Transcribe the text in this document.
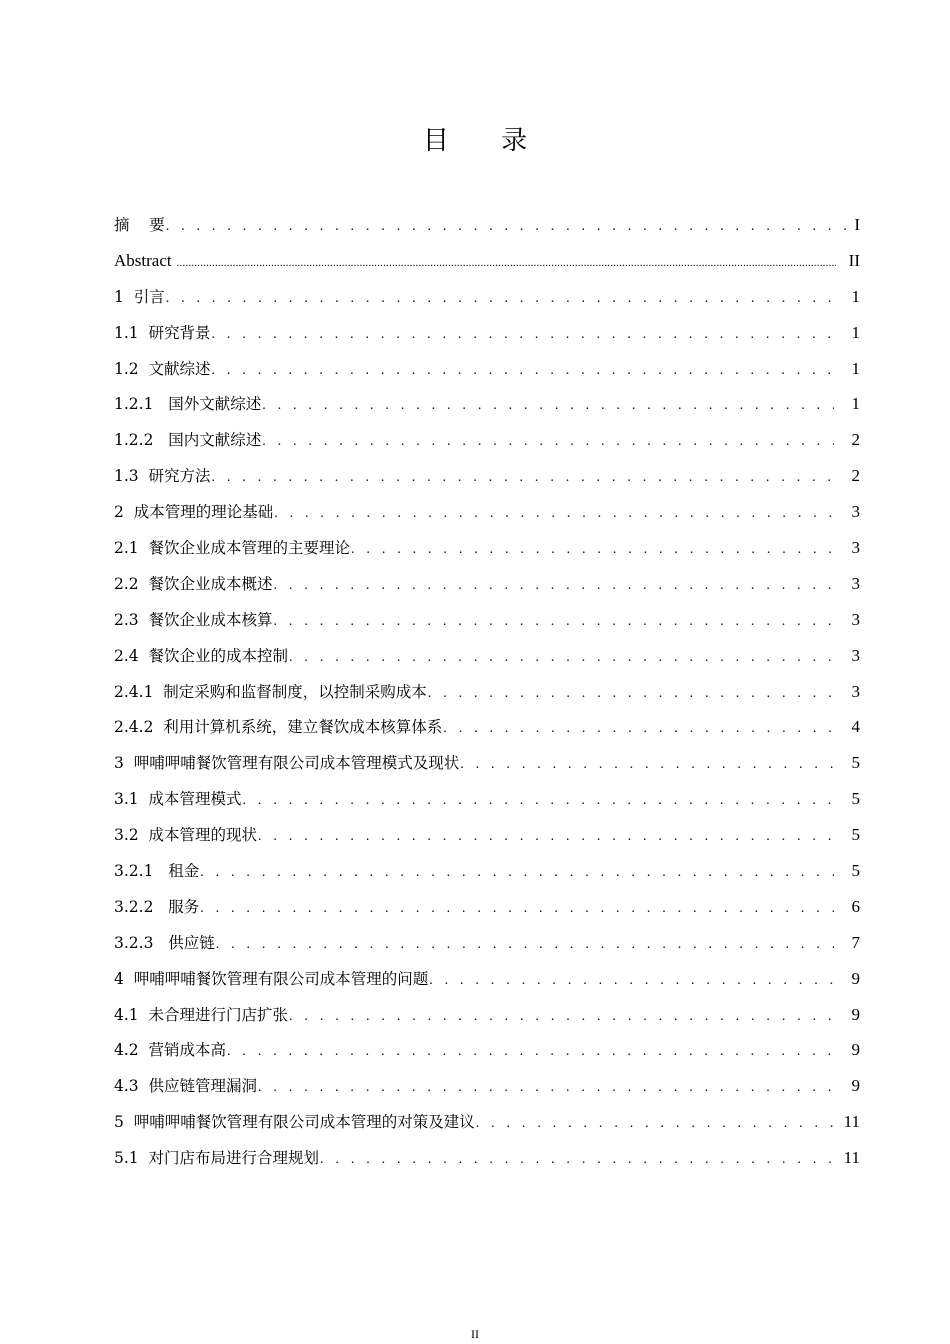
目 录
摘    要 . . .	I
Abstract .....	II
1  引言 . . .	1
1.1  研究背景 . . .	1
1.2  文献综述 . . .	1
1.2.1   国外文献综述 . . .	1
1.2.2   国内文献综述 . . .	2
1.3  研究方法 . . .	2
2  成本管理的理论基础 . . .	3
2.1  餐饮企业成本管理的主要理论 . . .	3
2.2  餐饮企业成本概述 . . .	3
2.3  餐饮企业成本核算 . . .	3
2.4  餐饮企业的成本控制 . . .	3
2.4.1  制定采购和监督制度，以控制采购成本 . . .	3
2.4.2  利用计算机系统，建立餐饮成本核算体系 . . .	4
3  呷哺呷哺餐饮管理有限公司成本管理模式及现状 . . .	5
3.1  成本管理模式 . . .	5
3.2  成本管理的现状 . . .	5
3.2.1   租金 . . .	5
3.2.2   服务 . . .	6
3.2.3   供应链 . . .	7
4  呷哺呷哺餐饮管理有限公司成本管理的问题 . . .	9
4.1  未合理进行门店扩张 . . .	9
4.2  营销成本高 . . .	9
4.3  供应链管理漏洞 . . .	9
5  呷哺呷哺餐饮管理有限公司成本管理的对策及建议 . . .	11
5.1  对门店布局进行合理规划 . . .	11
II
